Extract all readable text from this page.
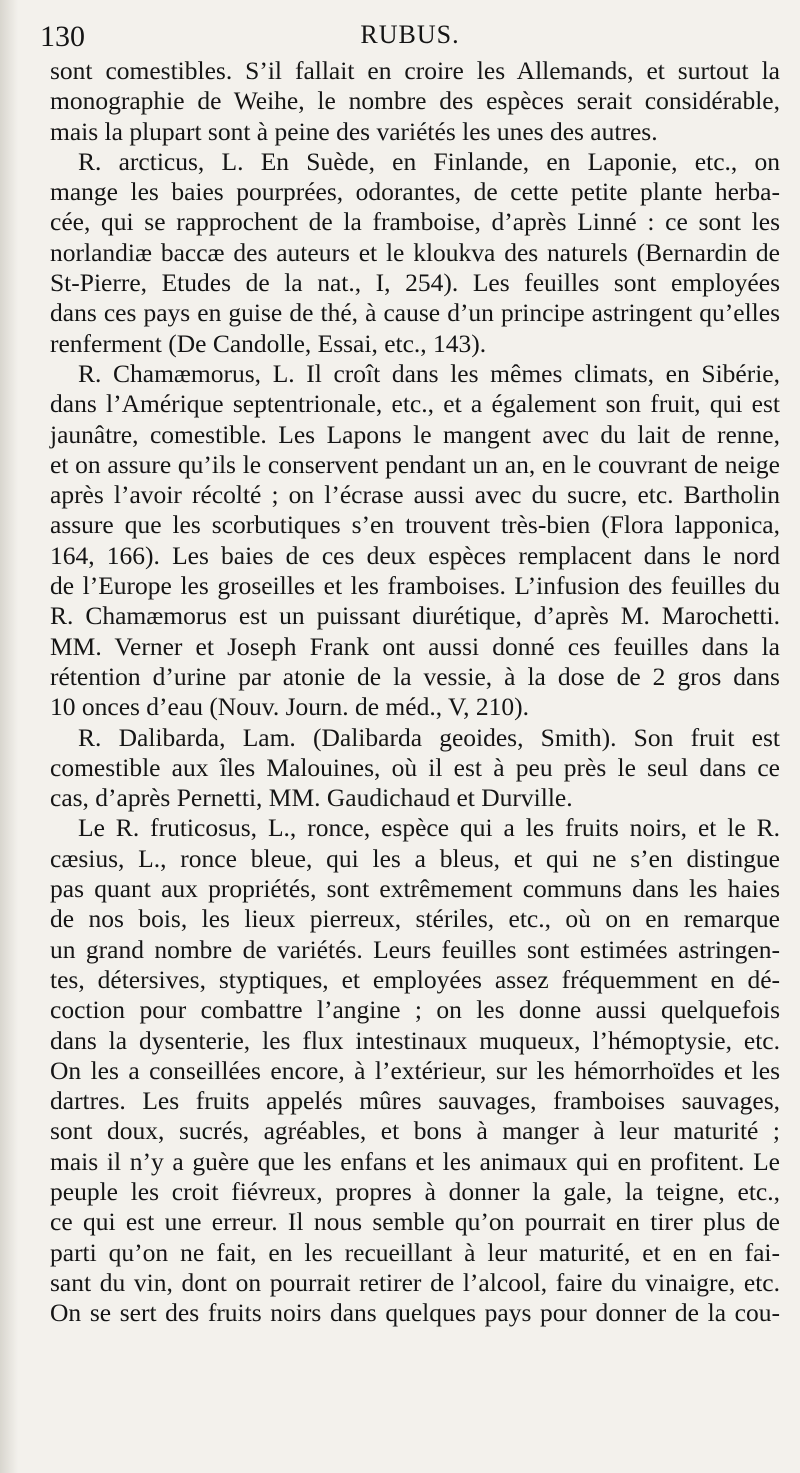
130	RUBUS.
sont comestibles. S’il fallait en croire les Allemands, et surtout la
monographie de Weihe, le nombre des espèces serait considérable,
mais la plupart sont à peine des variétés les unes des autres.
R. arcticus, L. En Suède, en Finlande, en Laponie, etc., on
mange les baies pourprées, odorantes, de cette petite plante herba-
cée, qui se rapprochent de la framboise, d’après Linné : ce sont les
norlandiæ baccæ des auteurs et le kloukva des naturels (Bernardin de
St-Pierre, Etudes de la nat., I, 254). Les feuilles sont employées
dans ces pays en guise de thé, à cause d’un principe astringent qu’elles
renferment (De Candolle, Essai, etc., 143).
R. Chamæmorus, L. Il croît dans les mêmes climats, en Sibérie,
dans l’Amérique septentrionale, etc., et a également son fruit, qui est
jaunâtre, comestible. Les Lapons le mangent avec du lait de renne,
et on assure qu’ils le conservent pendant un an, en le couvrant de neige
après l’avoir récolté ; on l’écrase aussi avec du sucre, etc. Bartholin
assure que les scorbutiques s’en trouvent très-bien (Flora lapponica,
164, 166). Les baies de ces deux espèces remplacent dans le nord
de l’Europe les groseilles et les framboises. L’infusion des feuilles du
R. Chamæmorus est un puissant diurétique, d’après M. Marochetti.
MM. Verner et Joseph Frank ont aussi donné ces feuilles dans la
rétention d’urine par atonie de la vessie, à la dose de 2 gros dans
10 onces d’eau (Nouv. Journ. de méd., V, 210).
R. Dalibarda, Lam. (Dalibarda geoides, Smith). Son fruit est
comestible aux îles Malouines, où il est à peu près le seul dans ce
cas, d’après Pernetti, MM. Gaudichaud et Durville.
Le R. fruticosus, L., ronce, espèce qui a les fruits noirs, et le R.
cæsius, L., ronce bleue, qui les a bleus, et qui ne s’en distingue
pas quant aux propriétés, sont extrêmement communs dans les haies
de nos bois, les lieux pierreux, stériles, etc., où on en remarque
un grand nombre de variétés. Leurs feuilles sont estimées astringen-
tes, détersives, styptiques, et employées assez fréquemment en dé-
coction pour combattre l’angine ; on les donne aussi quelquefois
dans la dysenterie, les flux intestinaux muqueux, l’hémoptysie, etc.
On les a conseillées encore, à l’extérieur, sur les hémorrhoïdes et les
dartres. Les fruits appelés mûres sauvages, framboises sauvages,
sont doux, sucrés, agréables, et bons à manger à leur maturité ;
mais il n’y a guère que les enfans et les animaux qui en profitent. Le
peuple les croit fiévreux, propres à donner la gale, la teigne, etc.,
ce qui est une erreur. Il nous semble qu’on pourrait en tirer plus de
parti qu’on ne fait, en les recueillant à leur maturité, et en en fai-
sant du vin, dont on pourrait retirer de l’alcool, faire du vinaigre, etc.
On se sert des fruits noirs dans quelques pays pour donner de la cou-
